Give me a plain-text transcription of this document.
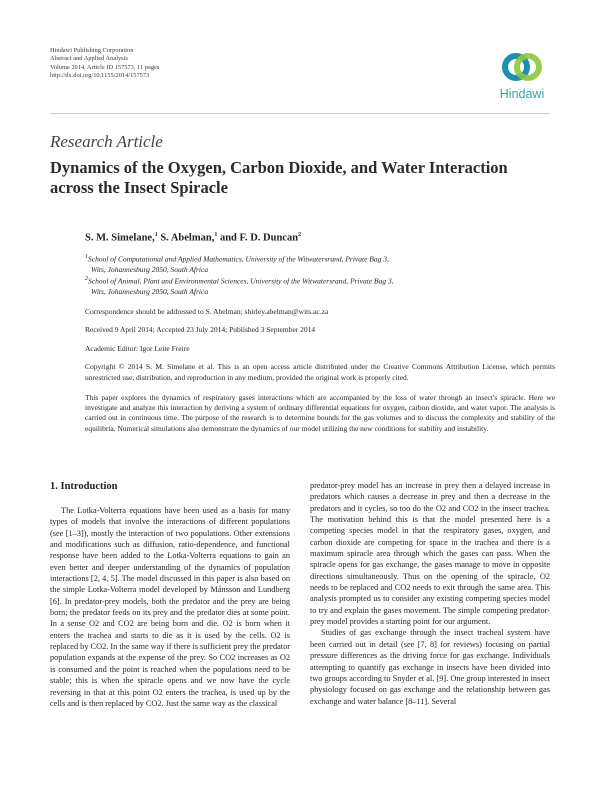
Hindawi Publishing Corporation
Abstract and Applied Analysis
Volume 2014, Article ID 157573, 11 pages
http://dx.doi.org/10.1155/2014/157573
Hindawi
Research Article
Dynamics of the Oxygen, Carbon Dioxide, and Water Interaction across the Insect Spiracle
S. M. Simelane,$^1$ S. Abelman,$^1$ and F. D. Duncan$^2$
$^1$School of Computational and Applied Mathematics, University of the Witwatersrand, Private Bag 3,
Wits, Johannesburg 2050, South Africa
$^2$School of Animal, Plant and Environmental Sciences, University of the Witwatersrand, Private Bag 3,
Wits, Johannesburg 2050, South Africa
Correspondence should be addressed to S. Abelman; shirley.abelman@wits.ac.za
Received 9 April 2014; Accepted 23 July 2014; Published 3 September 2014
Academic Editor: Igor Leite Freire
Copyright © 2014 S. M. Simelane et al. This is an open access article distributed under the Creative Commons Attribution License, which permits unrestricted use, distribution, and reproduction in any medium, provided the original work is properly cited.
This paper explores the dynamics of respiratory gases interactions which are accompanied by the loss of water through an insect's spiracle. Here we investigate and analyze this interaction by deriving a system of ordinary differential equations for oxygen, carbon dioxide, and water vapor. The analysis is carried out in continuous time. The purpose of the research is to determine bounds for the gas volumes and to discuss the complexity and stability of the equilibria. Numerical simulations also demonstrate the dynamics of our model utilizing the new conditions for stability and instability.
1. Introduction

The Lotka-Volterra equations have been used as a basis for many types of models that involve the interactions of different populations (see [1–3]), mostly the interaction of two populations. Other extensions and modifications such as diffusion, ratio-dependence, and functional response have been added to the Lotka-Volterra equations to gain an even better and deeper understanding of the dynamics of population interactions [2, 4, 5]. The model discussed in this paper is also based on the simple Lotka-Volterra model developed by Månsson and Lundberg [6]. In predator-prey models, both the predator and the prey are being born; the predator feeds on its prey and the predator dies at some point. In a sense O2 and CO2 are being born and die. O2 is born when it enters the trachea and starts to die as it is used by the cells. O2 is replaced by CO2. In the same way if there is sufficient prey the predator population expands at the expense of the prey. So CO2 increases as O2 is consumed and the point is reached when the populations need to be stable; this is when the spiracle opens and we now have the cycle reversing in that at this point O2 enters the trachea, is used up by the cells and is then replaced by CO2. Just the same way as the classical

predator-prey model has an increase in prey then a delayed increase in predators which causes a decrease in prey and then a decrease in the predators and it cycles, so too do the O2 and CO2 in the insect trachea. The motivation behind this is that the model presented here is a competing species model in that the respiratory gases, oxygen, and carbon dioxide are competing for space in the trachea and there is a maximum spiracle area through which the gases can pass. When the spiracle opens for gas exchange, the gases manage to move in opposite directions simultaneously. Thus on the opening of the spiracle, O2 needs to be replaced and CO2 needs to exit through the same area. This analysis prompted us to consider any existing competing species model to try and explain the gases movement. The simple competing predator-prey model provides a starting point for our argument.

Studies of gas exchange through the insect tracheal system have been carried out in detail (see [7, 8] for reviews) focusing on partial pressure differences as the driving force for gas exchange. Individuals attempting to quantify gas exchange in insects have been divided into two groups according to Snyder et al. [9]. One group interested in insect physiology focused on gas exchange and the relationship between gas exchange and water balance [8–11]. Several
